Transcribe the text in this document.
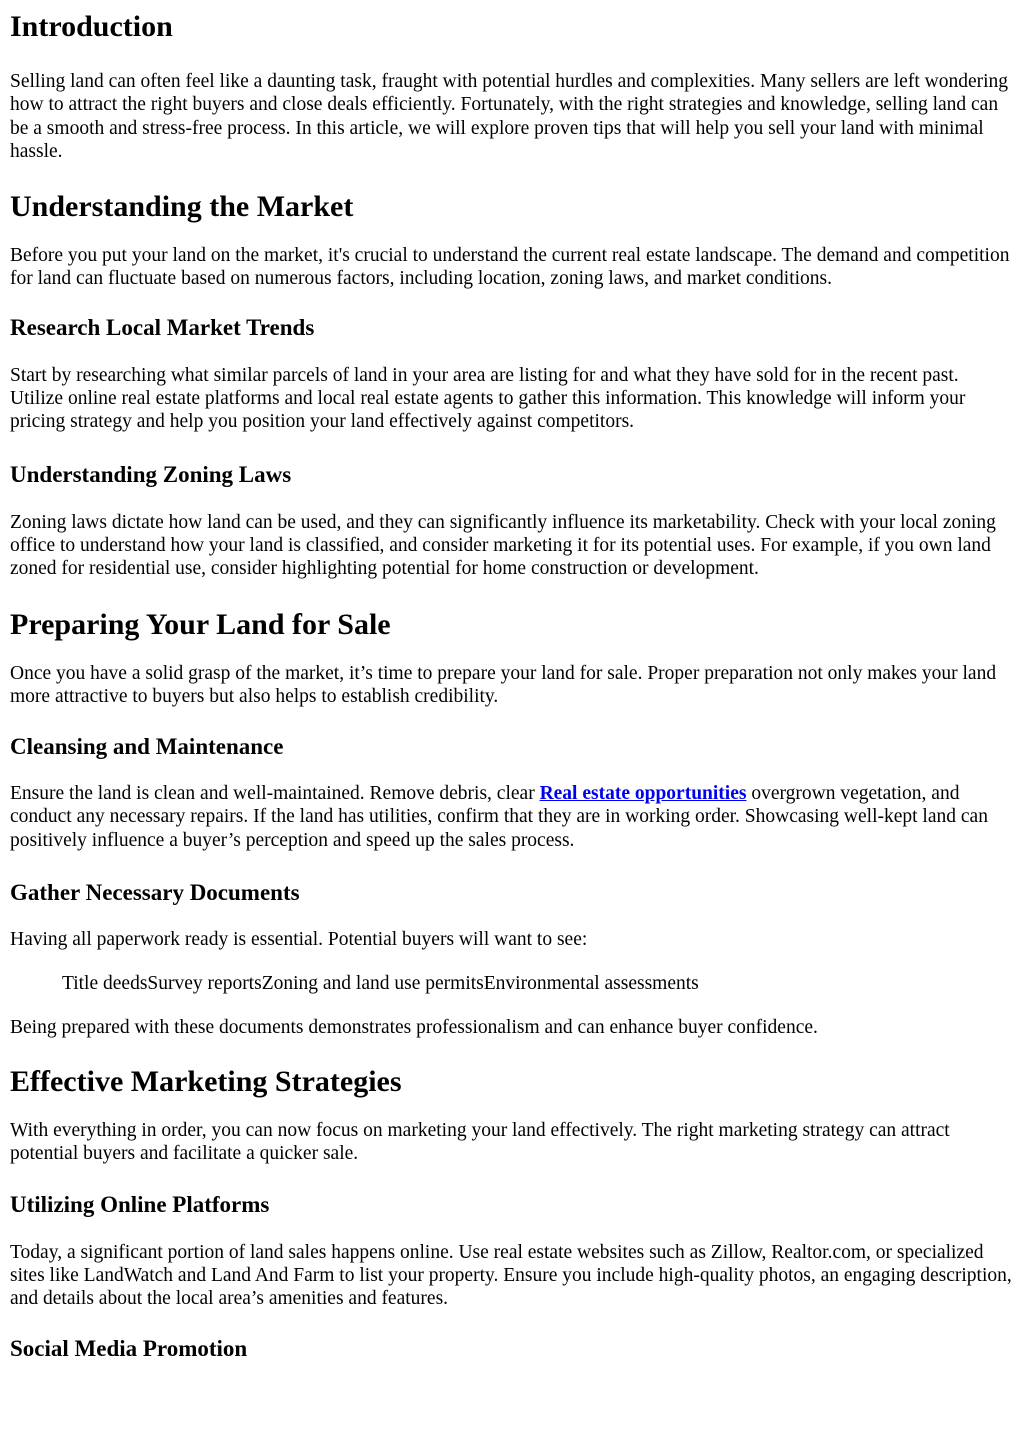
Introduction

Selling land can often feel like a daunting task, fraught with potential hurdles and complexities. Many sellers are left wondering how to attract the right buyers and close deals efficiently. Fortunately, with the right strategies and knowledge, selling land can be a smooth and stress-free process. In this article, we will explore proven tips that will help you sell your land with minimal hassle.

Understanding the Market

Before you put your land on the market, it's crucial to understand the current real estate landscape. The demand and competition for land can fluctuate based on numerous factors, including location, zoning laws, and market conditions.

Research Local Market Trends

Start by researching what similar parcels of land in your area are listing for and what they have sold for in the recent past. Utilize online real estate platforms and local real estate agents to gather this information. This knowledge will inform your pricing strategy and help you position your land effectively against competitors.

Understanding Zoning Laws

Zoning laws dictate how land can be used, and they can significantly influence its marketability. Check with your local zoning office to understand how your land is classified, and consider marketing it for its potential uses. For example, if you own land zoned for residential use, consider highlighting potential for home construction or development.

Preparing Your Land for Sale

Once you have a solid grasp of the market, it’s time to prepare your land for sale. Proper preparation not only makes your land more attractive to buyers but also helps to establish credibility.

Cleansing and Maintenance

Ensure the land is clean and well-maintained. Remove debris, clear Real estate opportunities overgrown vegetation, and conduct any necessary repairs. If the land has utilities, confirm that they are in working order. Showcasing well-kept land can positively influence a buyer’s perception and speed up the sales process.

Gather Necessary Documents

Having all paperwork ready is essential. Potential buyers will want to see:

Title deedsSurvey reportsZoning and land use permitsEnvironmental assessments

Being prepared with these documents demonstrates professionalism and can enhance buyer confidence.

Effective Marketing Strategies

With everything in order, you can now focus on marketing your land effectively. The right marketing strategy can attract potential buyers and facilitate a quicker sale.

Utilizing Online Platforms

Today, a significant portion of land sales happens online. Use real estate websites such as Zillow, Realtor.com, or specialized sites like LandWatch and Land And Farm to list your property. Ensure you include high-quality photos, an engaging description, and details about the local area’s amenities and features.

Social Media Promotion
